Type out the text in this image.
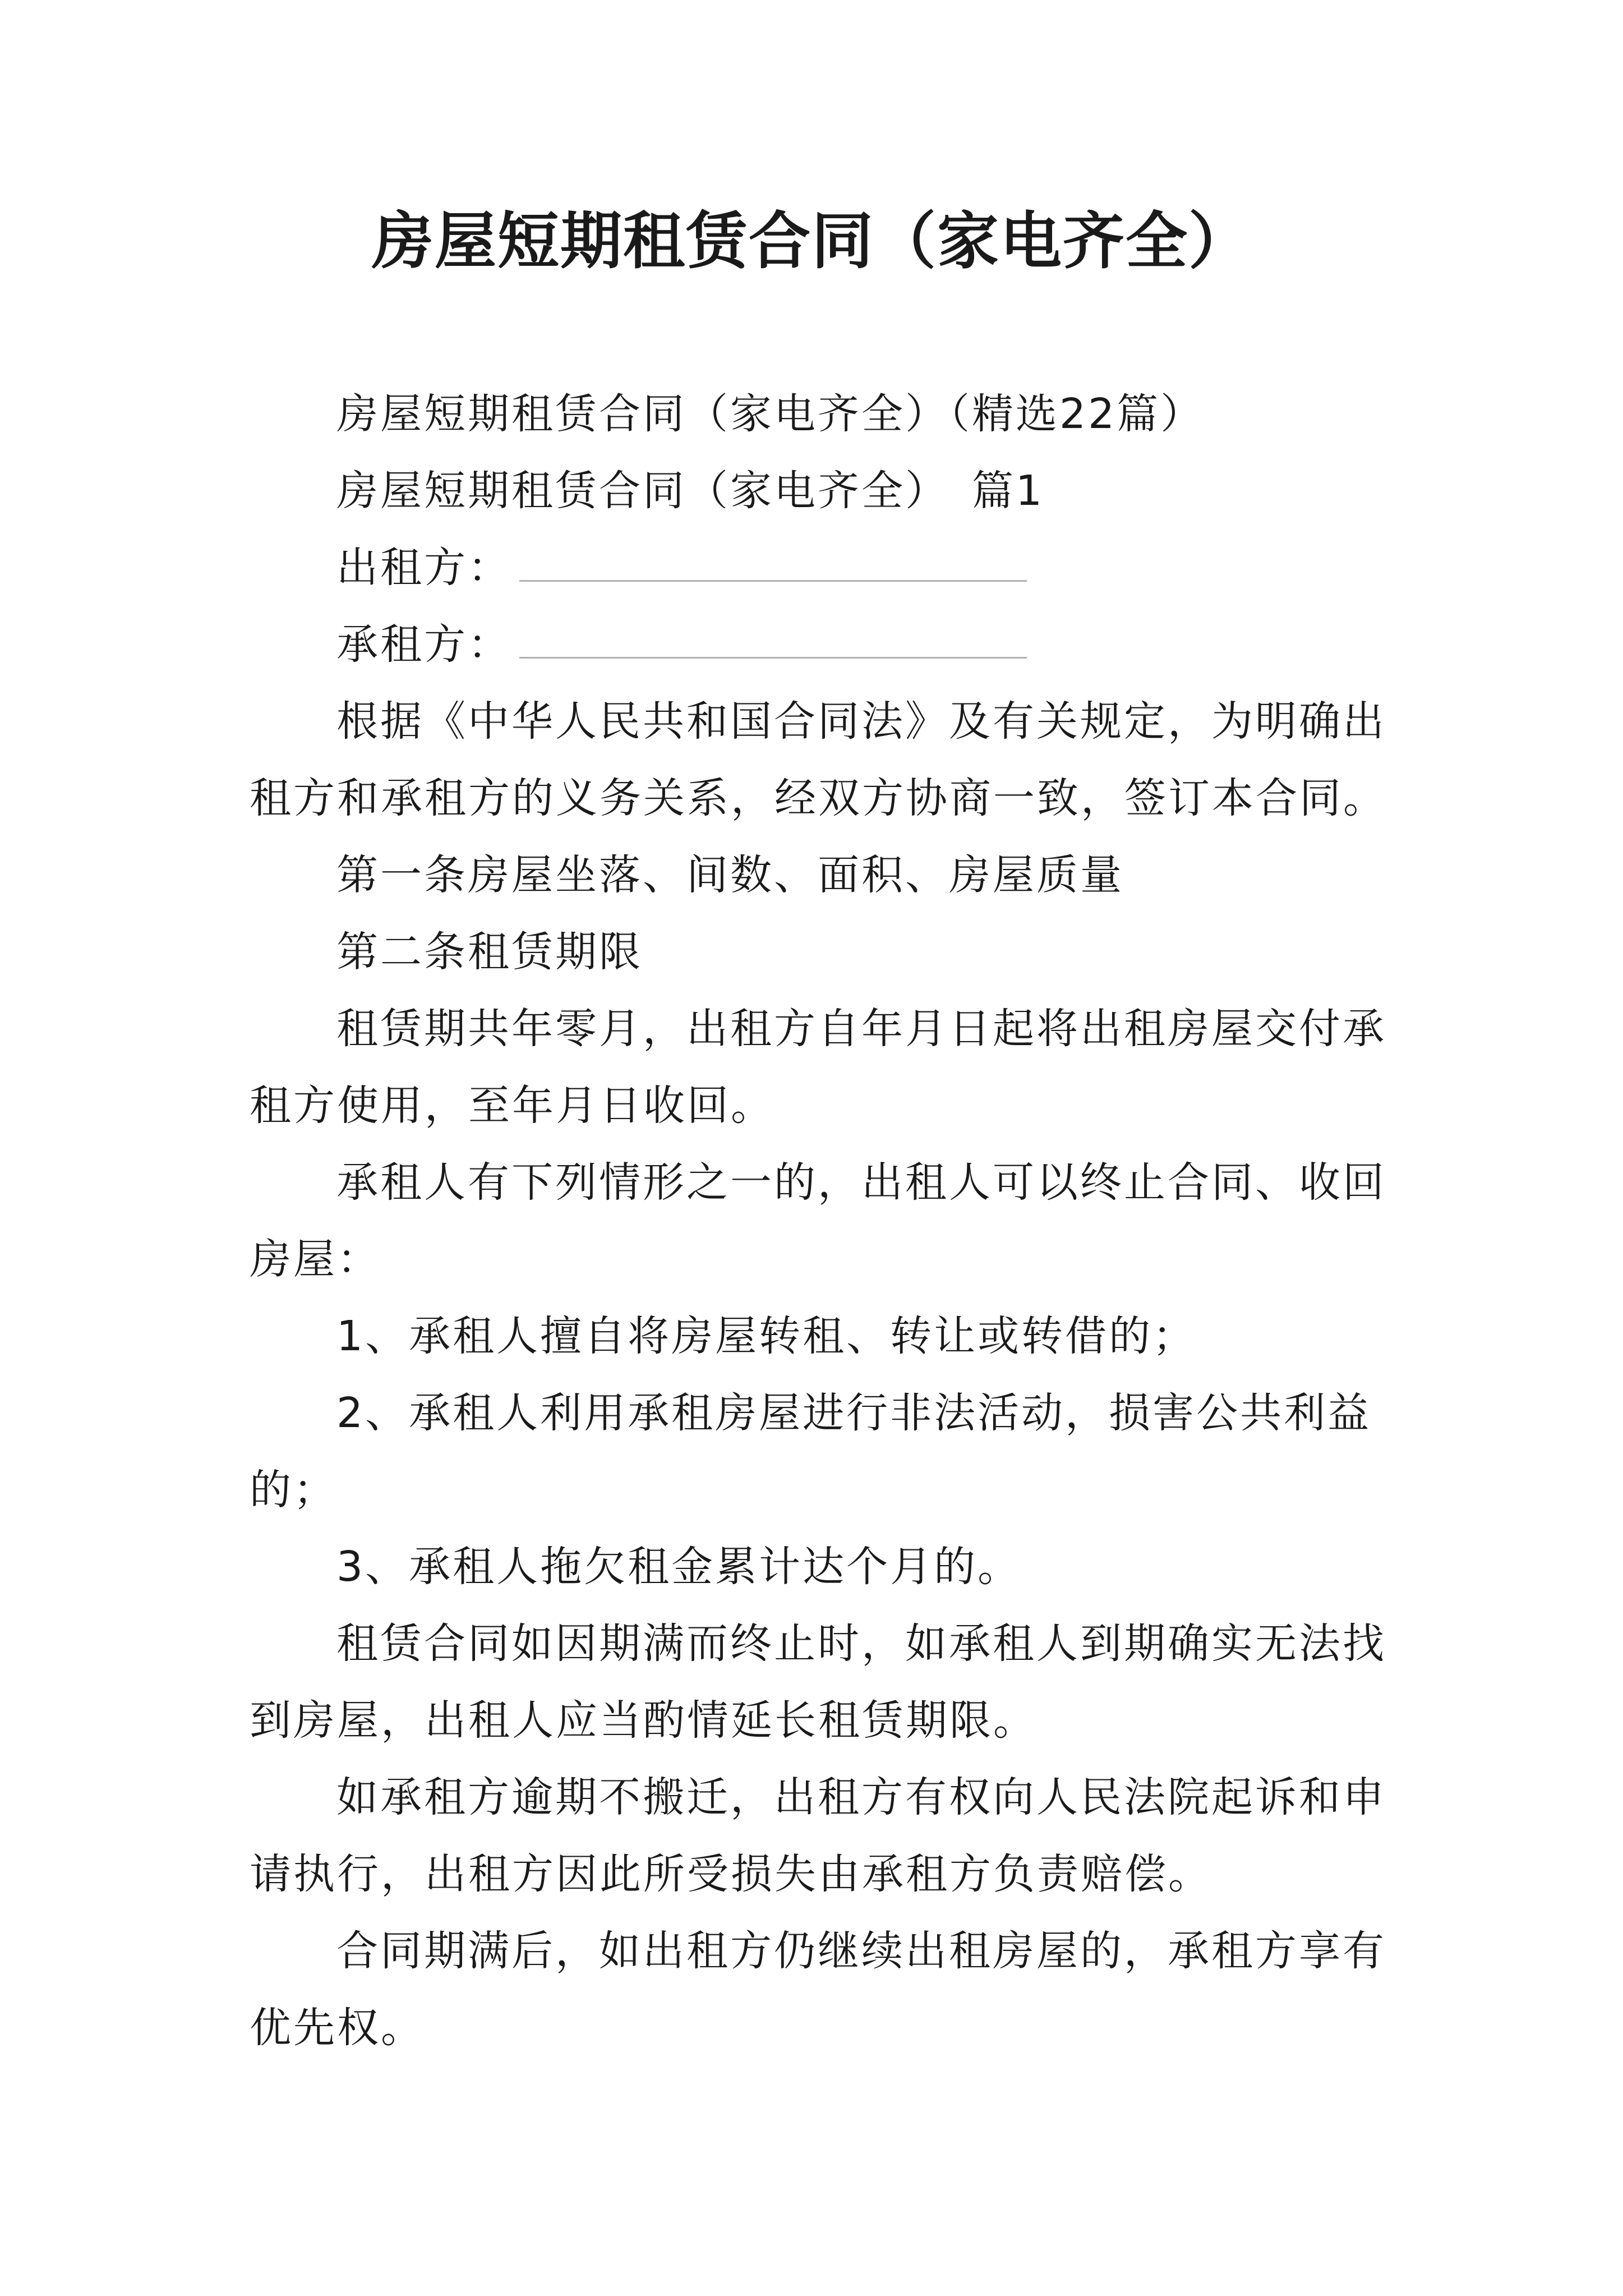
房屋短期租赁合同（家电齐全）

房屋短期租赁合同（家电齐全）（精选22篇）

房屋短期租赁合同（家电齐全）　篇1

出租方：

承租方：

根据《中华人民共和国合同法》及有关规定，为明确出租方和承租方的义务关系，经双方协商一致，签订本合同。

第一条房屋坐落、间数、面积、房屋质量

第二条租赁期限

租赁期共年零月，出租方自年月日起将出租房屋交付承租方使用，至年月日收回。

承租人有下列情形之一的，出租人可以终止合同、收回房屋：

1、承租人擅自将房屋转租、转让或转借的；

2、承租人利用承租房屋进行非法活动，损害公共利益的；

3、承租人拖欠租金累计达个月的。

租赁合同如因期满而终止时，如承租人到期确实无法找到房屋，出租人应当酌情延长租赁期限。

如承租方逾期不搬迁，出租方有权向人民法院起诉和申请执行，出租方因此所受损失由承租方负责赔偿。

合同期满后，如出租方仍继续出租房屋的，承租方享有优先权。
